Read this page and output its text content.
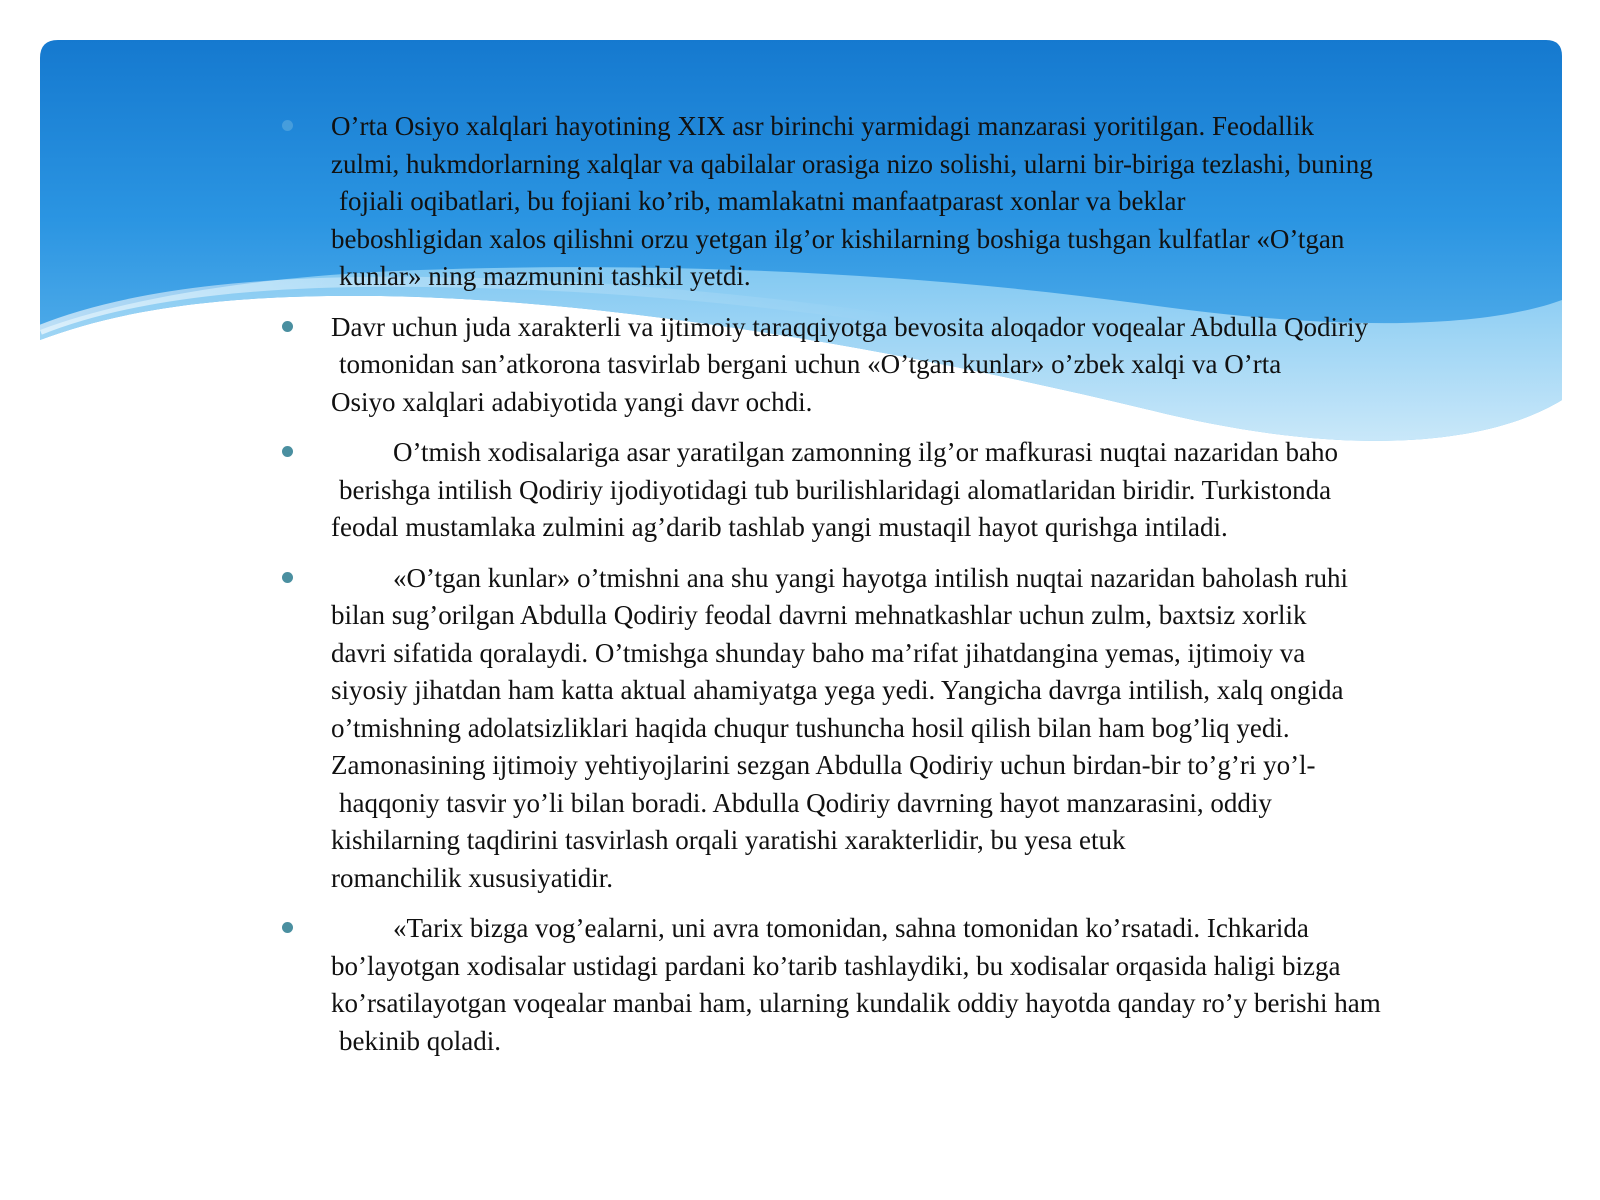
O’rta Osiyo xalqlari hayotining XIX asr birinchi yarmidagi manzarasi yoritilgan. Feodallik
zulmi, hukmdorlarning xalqlar va qabilalar orasiga nizo solishi, ularni bir-biriga tezlashi, buning
fojiali oqibatlari, bu fojiani ko’rib, mamlakatni manfaatparast xonlar va beklar
beboshligidan xalos qilishni orzu yetgan ilg’or kishilarning boshiga tushgan kulfatlar «O’tgan
kunlar» ning mazmunini tashkil yetdi.
Davr uchun juda xarakterli va ijtimoiy taraqqiyotga bevosita aloqador voqealar Abdulla Qodiriy
tomonidan san’atkorona tasvirlab bergani uchun «O’tgan kunlar» o’zbek xalqi va O’rta
Osiyo xalqlari adabiyotida yangi davr ochdi.
O’tmish xodisalariga asar yaratilgan zamonning ilg’or mafkurasi nuqtai nazaridan baho
berishga intilish Qodiriy ijodiyotidagi tub burilishlaridagi alomatlaridan biridir. Turkistonda
feodal mustamlaka zulmini ag’darib tashlab yangi mustaqil hayot qurishga intiladi.
«O’tgan kunlar» o’tmishni ana shu yangi hayotga intilish nuqtai nazaridan baholash ruhi
bilan sug’orilgan Abdulla Qodiriy feodal davrni mehnatkashlar uchun zulm, baxtsiz xorlik
davri sifatida qoralaydi. O’tmishga shunday baho ma’rifat jihatdangina yemas, ijtimoiy va
siyosiy jihatdan ham katta aktual ahamiyatga yega yedi. Yangicha davrga intilish, xalq ongida
o’tmishning adolatsizliklari haqida chuqur tushuncha hosil qilish bilan ham bog’liq yedi.
Zamonasining ijtimoiy yehtiyojlarini sezgan Abdulla Qodiriy uchun birdan-bir to’g’ri yo’l-
haqqoniy tasvir yo’li bilan boradi. Abdulla Qodiriy davrning hayot manzarasini, oddiy
kishilarning taqdirini tasvirlash orqali yaratishi xarakterlidir, bu yesa etuk
romanchilik xususiyatidir.
«Tarix bizga vog’ealarni, uni avra tomonidan, sahna tomonidan ko’rsatadi. Ichkarida
bo’layotgan xodisalar ustidagi pardani ko’tarib tashlaydiki, bu xodisalar orqasida haligi bizga
ko’rsatilayotgan voqealar manbai ham, ularning kundalik oddiy hayotda qanday ro’y berishi ham
bekinib qoladi.
